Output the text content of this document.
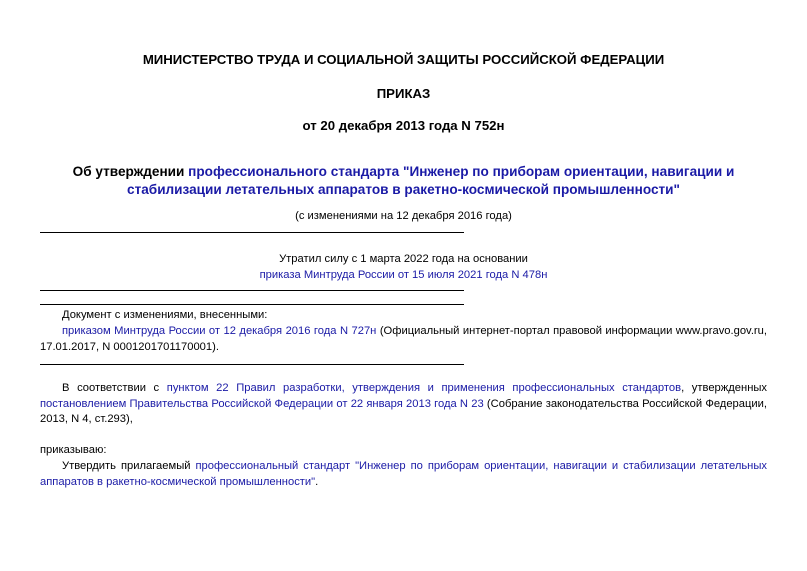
МИНИСТЕРСТВО ТРУДА И СОЦИАЛЬНОЙ ЗАЩИТЫ РОССИЙСКОЙ ФЕДЕРАЦИИ
ПРИКАЗ
от 20 декабря 2013 года N 752н
Об утверждении профессионального стандарта "Инженер по приборам ориентации, навигации и стабилизации летательных аппаратов в ракетно-космической промышленности"
(с изменениями на 12 декабря 2016 года)
Утратил силу с 1 марта 2022 года на основании
приказа Минтруда России от 15 июля 2021 года N 478н

Документ с изменениями, внесенными:

приказом Минтруда России от 12 декабря 2016 года N 727н (Официальный интернет-портал правовой информации www.pravo.gov.ru, 17.01.2017, N 0001201701170001).

В соответствии с пунктом 22 Правил разработки, утверждения и применения профессиональных стандартов, утвержденных постановлением Правительства Российской Федерации от 22 января 2013 года N 23 (Собрание законодательства Российской Федерации, 2013, N 4, ст.293),

приказываю:

Утвердить прилагаемый профессиональный стандарт "Инженер по приборам ориентации, навигации и стабилизации летательных аппаратов в ракетно-космической промышленности".
